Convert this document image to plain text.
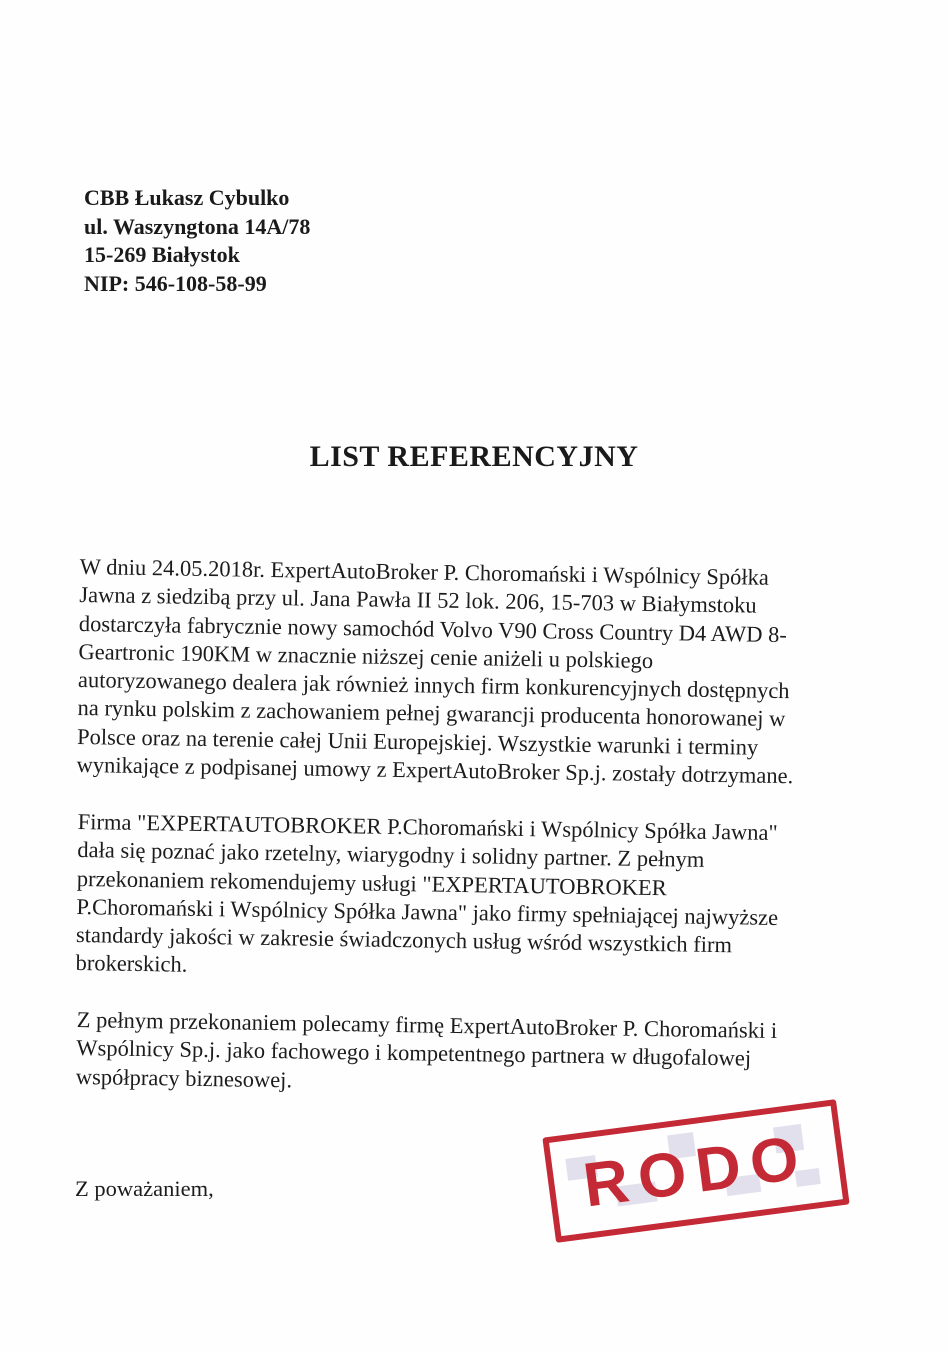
CBB Łukasz Cybulko
ul. Waszyngtona 14A/78
15-269 Białystok
NIP: 546-108-58-99
LIST REFERENCYJNY
W dniu 24.05.2018r. ExpertAutoBroker P. Choromański i Wspólnicy Spółka
Jawna z siedzibą przy ul. Jana Pawła II 52 lok. 206, 15-703 w Białymstoku
dostarczyła fabrycznie nowy samochód Volvo V90 Cross Country D4 AWD 8-
Geartronic 190KM w znacznie niższej cenie aniżeli u polskiego
autoryzowanego dealera jak również innych firm konkurencyjnych dostępnych
na rynku polskim z zachowaniem pełnej gwarancji producenta honorowanej w
Polsce oraz na terenie całej Unii Europejskiej. Wszystkie warunki i terminy
wynikające z podpisanej umowy z ExpertAutoBroker Sp.j. zostały dotrzymane.
Firma "EXPERTAUTOBROKER P.Choromański i Wspólnicy Spółka Jawna"
dała się poznać jako rzetelny, wiarygodny i solidny partner. Z pełnym
przekonaniem rekomendujemy usługi "EXPERTAUTOBROKER
P.Choromański i Wspólnicy Spółka Jawna" jako firmy spełniającej najwyższe
standardy jakości w zakresie świadczonych usług wśród wszystkich firm
brokerskich.
Z pełnym przekonaniem polecamy firmę ExpertAutoBroker P. Choromański i
Wspólnicy Sp.j. jako fachowego i kompetentnego partnera w długofalowej
współpracy biznesowej.
Z poważaniem,	RODO
